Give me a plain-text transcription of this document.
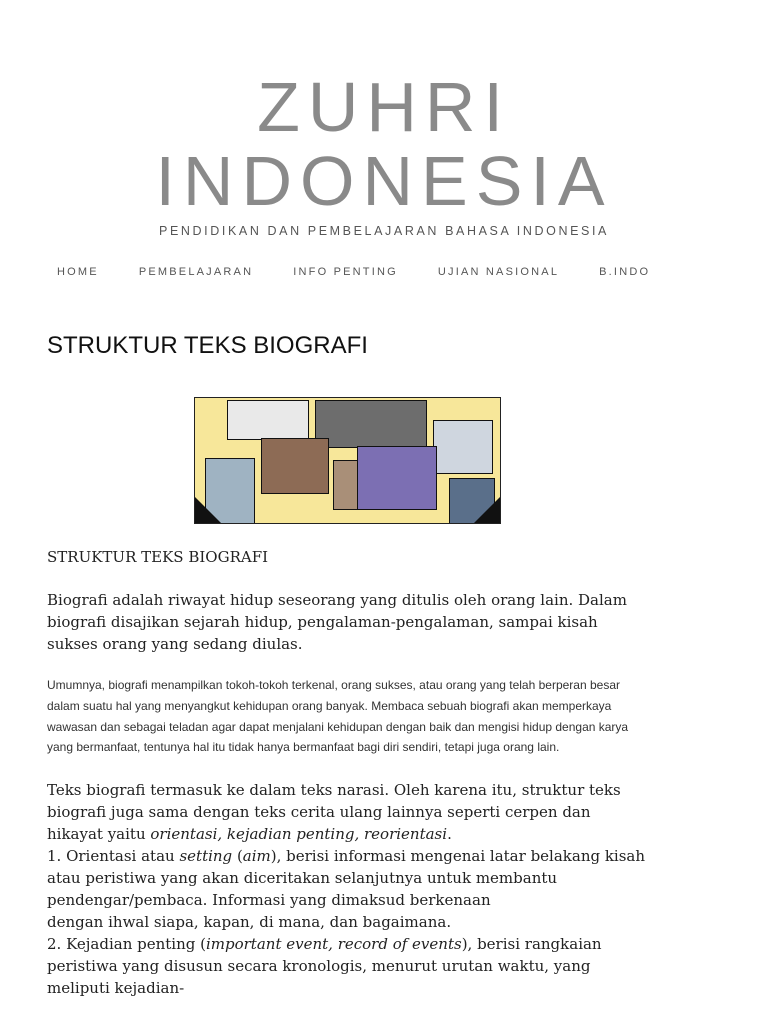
ZUHRI
INDONESIA
PENDIDIKAN DAN PEMBELAJARAN BAHASA INDONESIA
HOME	PEMBELAJARAN	INFO PENTING	UJIAN NASIONAL	B.INDO
STRUKTUR TEKS BIOGRAFI

STRUKTUR TEKS BIOGRAFI

Biografi adalah riwayat hidup seseorang yang ditulis oleh orang lain. Dalam biografi disajikan sejarah hidup, pengalaman-pengalaman, sampai kisah sukses orang yang sedang diulas.

Umumnya, biografi menampilkan tokoh-tokoh terkenal, orang sukses, atau orang yang telah berperan besar dalam suatu hal yang menyangkut kehidupan orang banyak. Membaca sebuah biografi akan memperkaya wawasan dan sebagai teladan agar dapat menjalani kehidupan dengan baik dan mengisi hidup dengan karya yang bermanfaat, tentunya hal itu tidak hanya bermanfaat bagi diri sendiri, tetapi juga orang lain.

Teks biografi termasuk ke dalam teks narasi. Oleh karena itu, struktur teks biografi juga sama dengan teks cerita ulang lainnya seperti cerpen dan hikayat yaitu orientasi, kejadian penting, reorientasi.
1. Orientasi atau setting (aim), berisi informasi mengenai latar belakang kisah atau peristiwa yang akan diceritakan selanjutnya untuk membantu pendengar/pembaca. Informasi yang dimaksud berkenaan
dengan ihwal siapa, kapan, di mana, dan bagaimana.
2. Kejadian penting (important event, record of events), berisi rangkaian peristiwa yang disusun secara kronologis, menurut urutan waktu, yang meliputi kejadian-
